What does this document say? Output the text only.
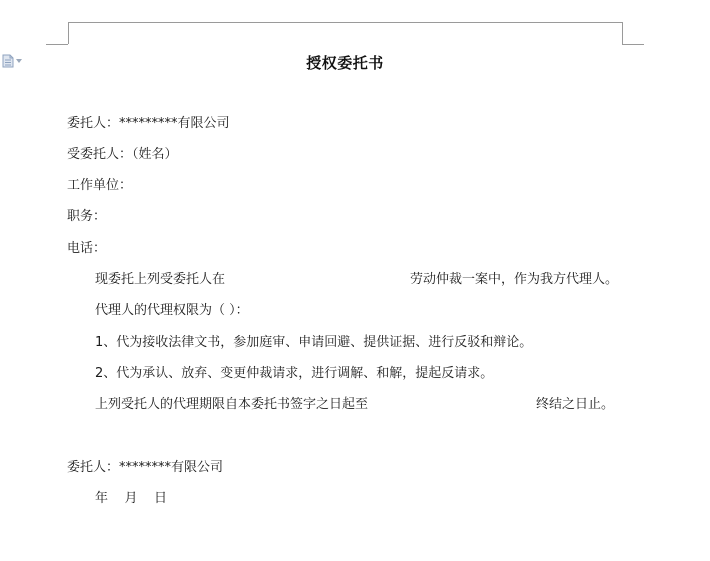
授权委托书
委托人：*********有限公司
受委托人：（姓名）
工作单位：
职务：
电话：
现委托上列受委托人在	劳动仲裁一案中，作为我方代理人。
代理人的代理权限为（ ）：
1、代为接收法律文书，参加庭审、申请回避、提供证据、进行反驳和辩论。
2、代为承认、放弃、变更仲裁请求，进行调解、和解，提起反请求。
上列受托人的代理期限自本委托书签字之日起至	终结之日止。
委托人：********有限公司
年    月    日
